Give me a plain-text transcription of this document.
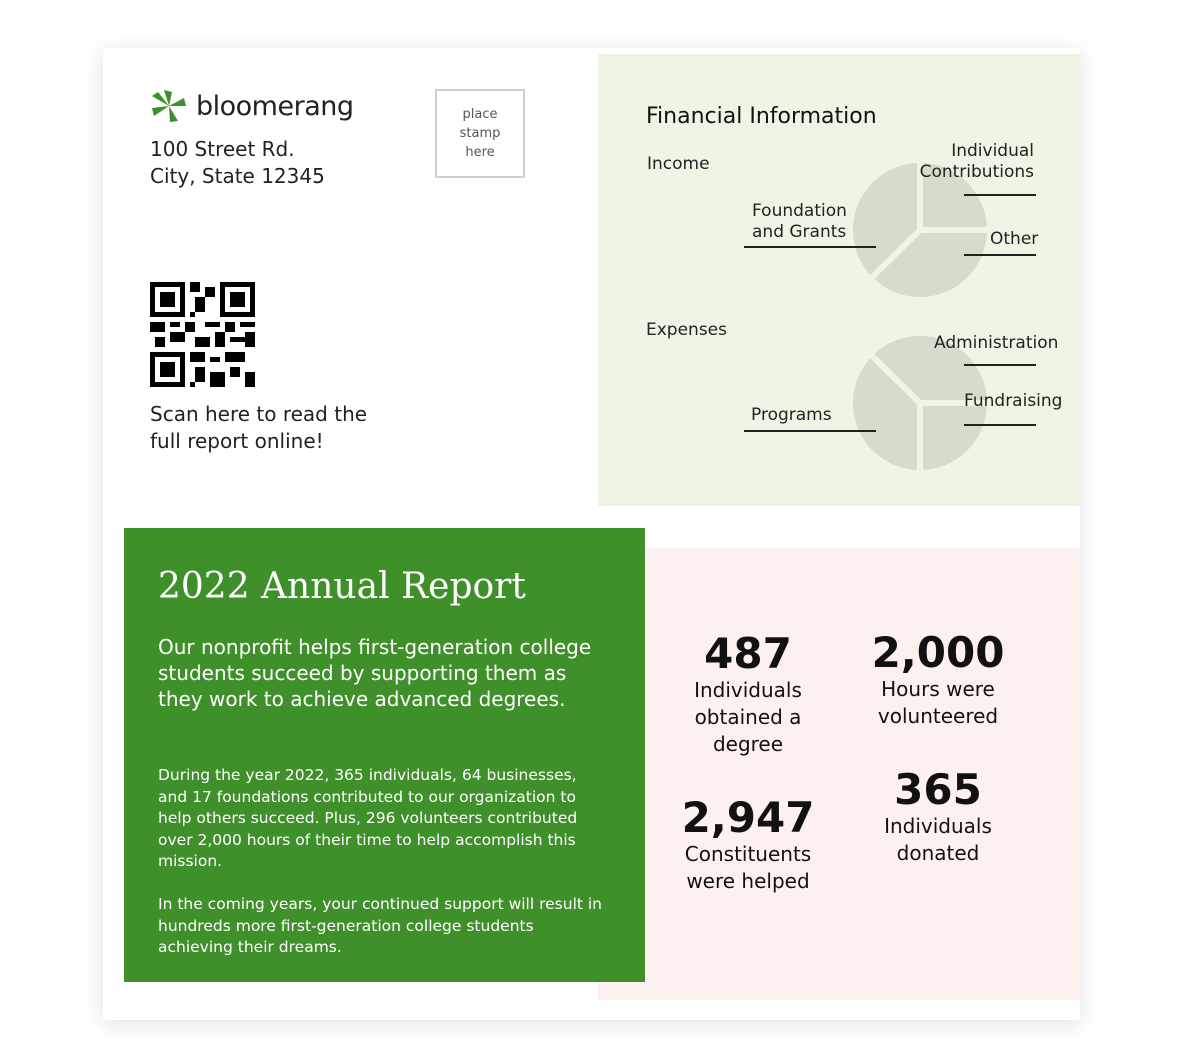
bloomerang
100 Street Rd.
City, State 12345
place
stamp
here
Scan here to read the
full report online!
Financial Information
Income
Individual
Contributions
Foundation
and Grants	Other
Expenses
Administration
Programs
Fundraising
2022 Annual Report
Our nonprofit helps first-generation college students succeed by supporting them as they work to achieve advanced degrees.
During the year 2022, 365 individuals, 64 businesses, and 17 foundations contributed to our organization to help others succeed. Plus, 296 volunteers contributed over 2,000 hours of their time to help accomplish this mission.
In the coming years, your continued support will result in hundreds more first-generation college students achieving their dreams.
487
Individuals
obtained a
degree
2,000
Hours were
volunteered
2,947
Constituents
were helped
365
Individuals
donated
